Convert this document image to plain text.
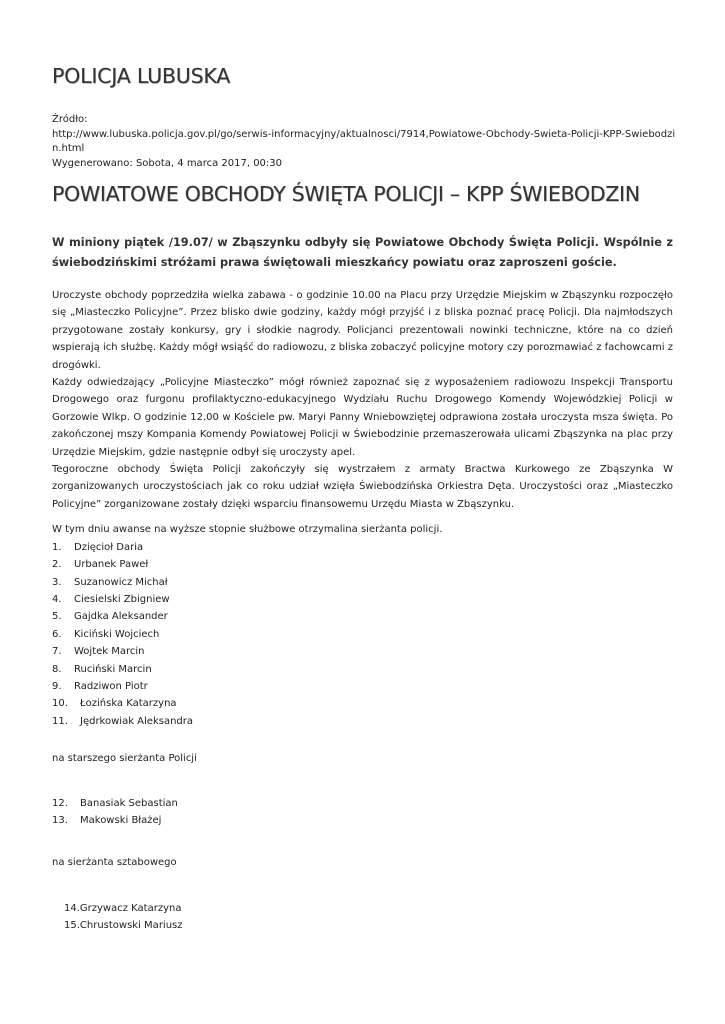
POLICJA LUBUSKA
Źródło:
http://www.lubuska.policja.gov.pl/go/serwis-informacyjny/aktualnosci/7914,Powiatowe-Obchody-Swieta-Policji-KPP-Swiebodzi
n.html
Wygenerowano: Sobota, 4 marca 2017, 00:30
POWIATOWE OBCHODY ŚWIĘTA POLICJI – KPP ŚWIEBODZIN

W miniony piątek /19.07/ w Zbąszynku odbyły się Powiatowe Obchody Święta Policji. Wspólnie z świebodzińskimi stróżami prawa świętowali mieszkańcy powiatu oraz zaproszeni goście.

Uroczyste obchody poprzedziła wielka zabawa - o godzinie 10.00 na Placu przy Urzędzie Miejskim w Zbąszynku rozpoczęło się „Miasteczko Policyjne”. Przez blisko dwie godziny, każdy mógł przyjść i z bliska poznać pracę Policji. Dla najmłodszych przygotowane zostały konkursy, gry i słodkie nagrody. Policjanci prezentowali nowinki techniczne, które na co dzień wspierają ich służbę. Każdy mógł wsiąść do radiowozu, z bliska zobaczyć policyjne motory czy porozmawiać z fachowcami z drogówki.

Każdy odwiedzający „Policyjne Miasteczko” mógł również zapoznać się z wyposażeniem radiowozu Inspekcji Transportu Drogowego oraz furgonu profilaktyczno-edukacyjnego Wydziału Ruchu Drogowego Komendy Wojewódzkiej Policji w Gorzowie Wlkp. O godzinie 12.00 w Kościele pw. Maryi Panny Wniebowziętej odprawiona została uroczysta msza święta. Po zakończonej mszy Kompania Komendy Powiatowej Policji w Świebodzinie przemaszerowała ulicami Zbąszynka na plac przy Urzędzie Miejskim, gdzie następnie odbył się uroczysty apel.

Tegoroczne obchody Święta Policji zakończyły się wystrzałem z armaty Bractwa Kurkowego ze Zbąszynka W zorganizowanych uroczystościach jak co roku udział wzięła Świebodzińska Orkiestra Dęta. Uroczystości oraz „Miasteczko Policyjne” zorganizowane zostały dzięki wsparciu finansowemu Urzędu Miasta w Zbąszynku.

W tym dniu awanse na wyższe stopnie służbowe otrzymalina sierżanta policji.

1. Dzięcioł Daria
2. Urbanek Paweł
3. Suzanowicz Michał
4. Ciesielski Zbigniew
5. Gajdka Aleksander
6. Kiciński Wojciech
7. Wojtek Marcin
8. Ruciński Marcin
9. Radziwon Piotr
10. Łozińska Katarzyna
11. Jędrkowiak Aleksandra

na starszego sierżanta Policji

12. Banasiak Sebastian
13. Makowski Błażej

na sierżanta sztabowego

14.Grzywacz Katarzyna
15.Chrustowski Mariusz
